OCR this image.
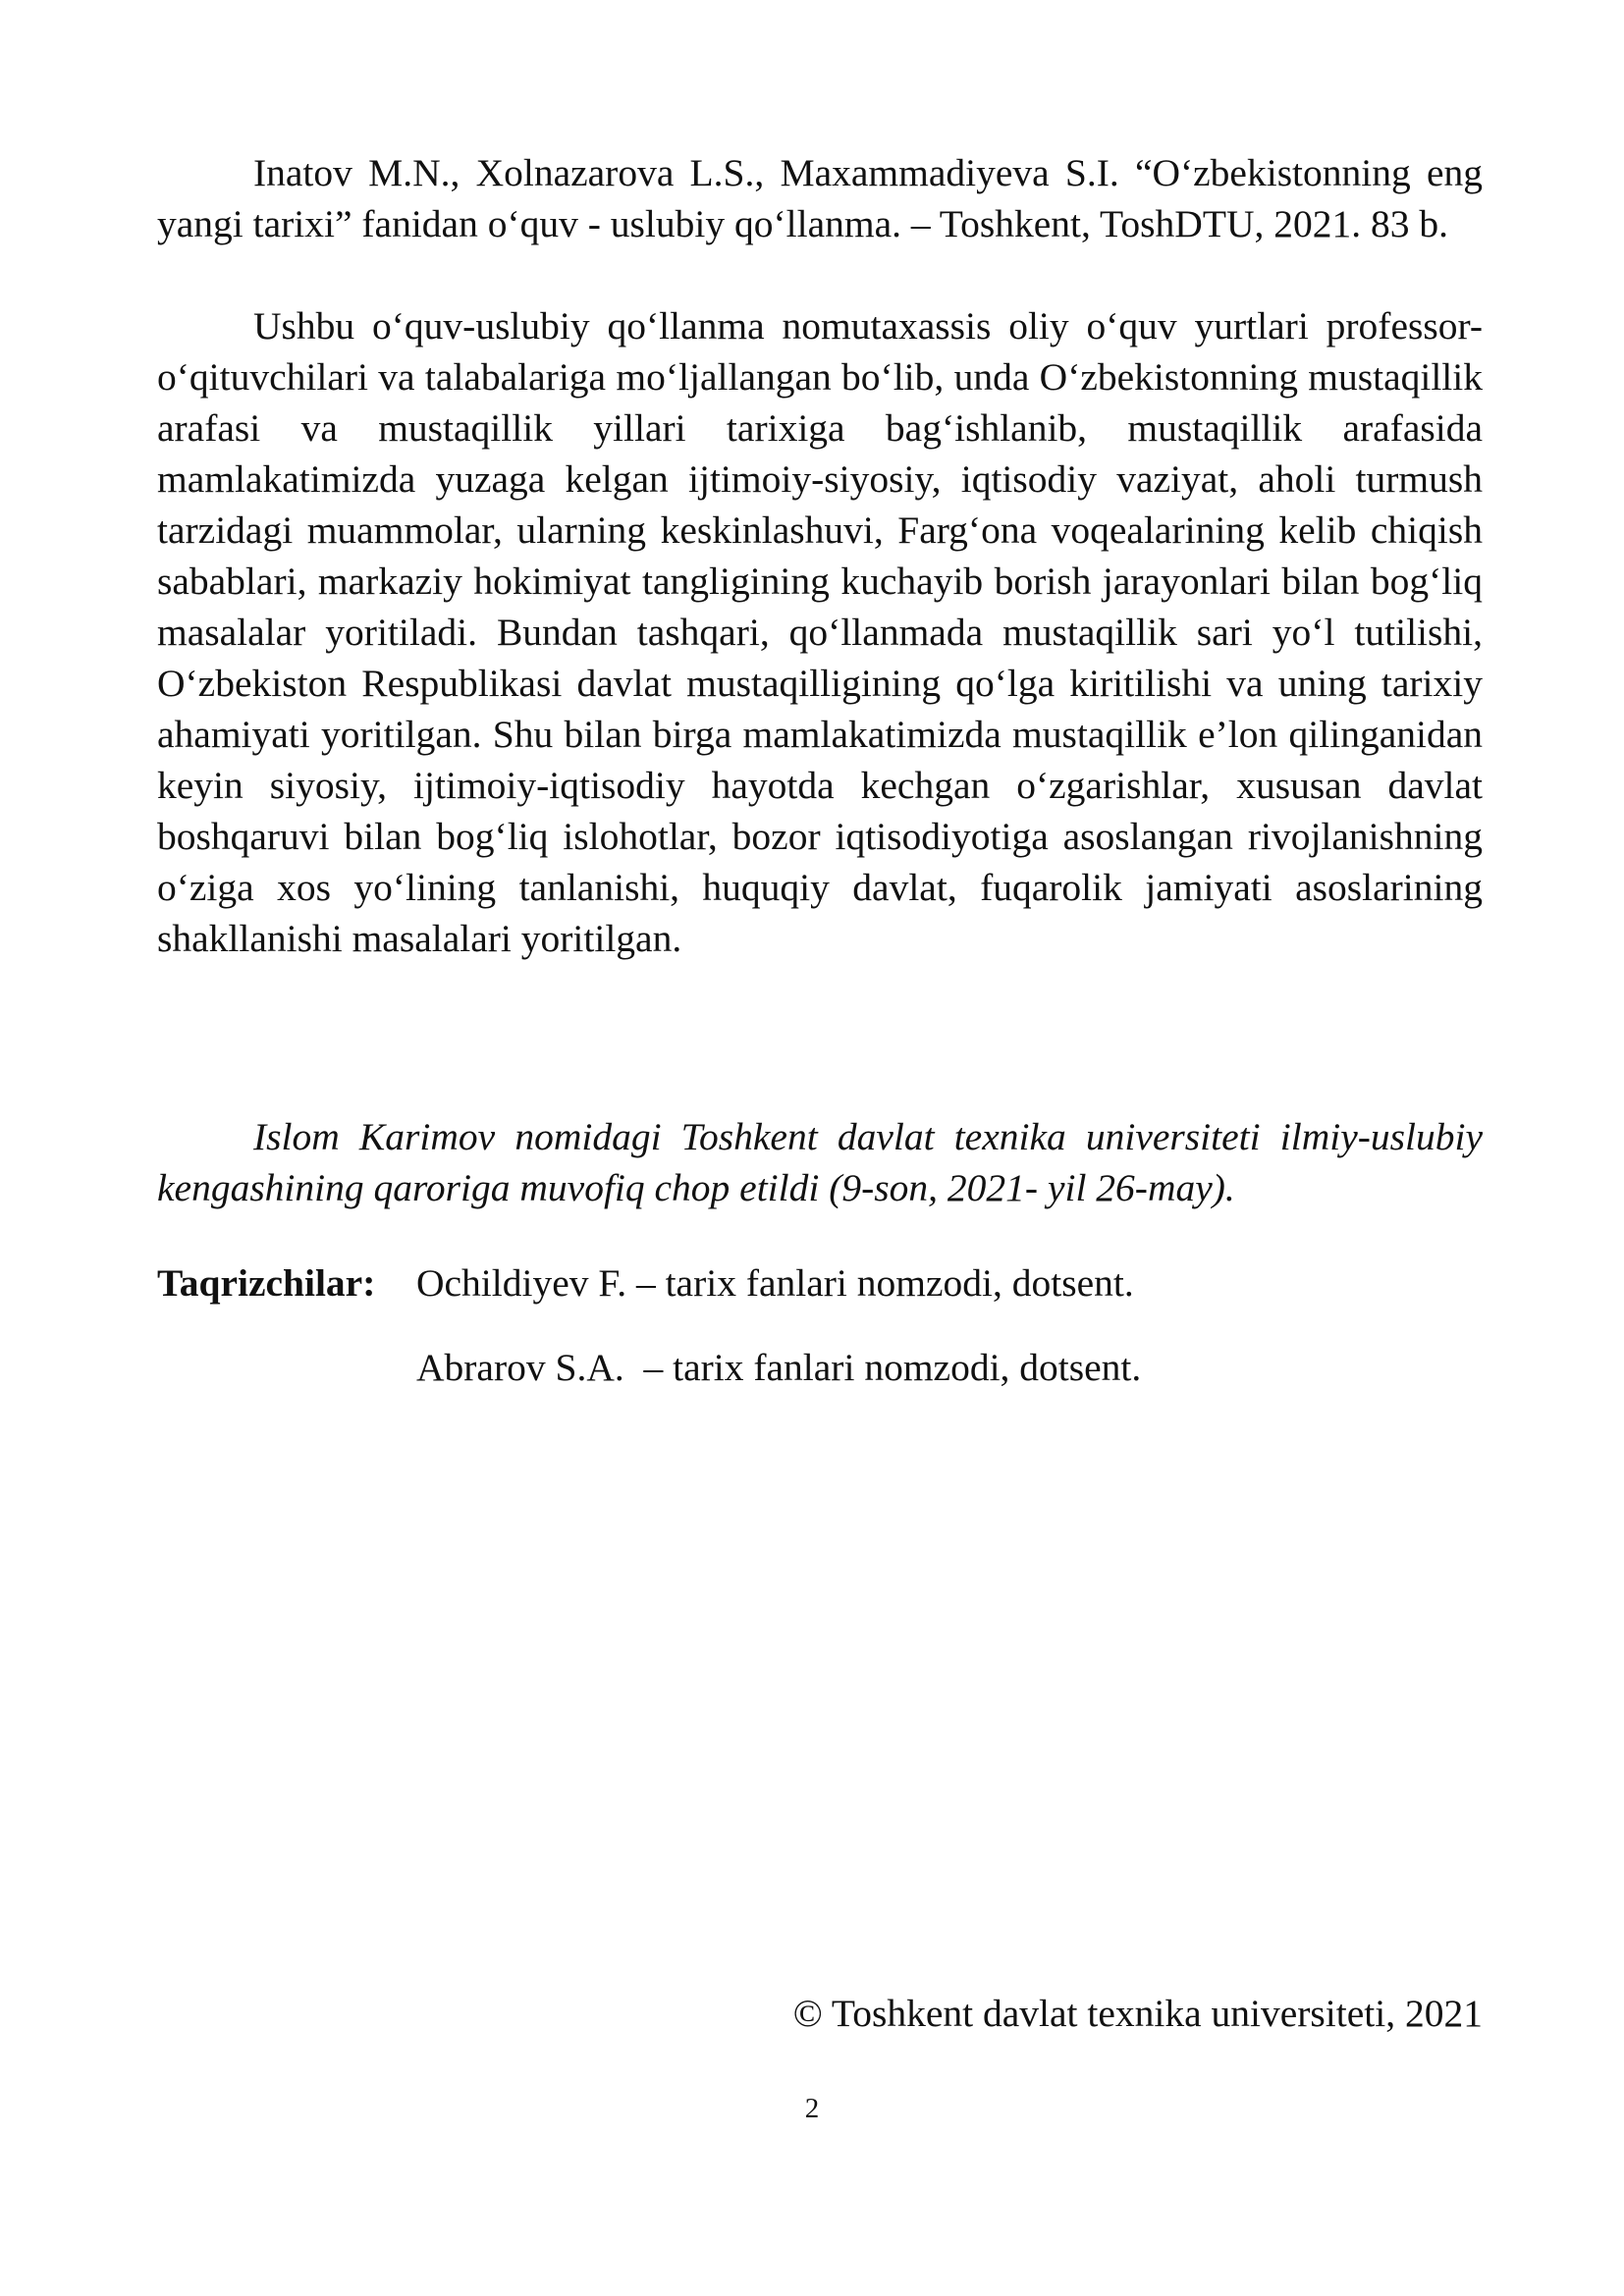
Inatov M.N., Xolnazarova L.S., Maxammadiyeva S.I. “O‘zbekistonning eng yangi tarixi” fanidan o‘quv - uslubiy qo‘llanma. – Toshkent, ToshDTU, 2021. 83 b.

Ushbu o‘quv-uslubiy qo‘llanma nomutaxassis oliy o‘quv yurtlari professor-o‘qituvchilari va talabalariga mo‘ljallangan bo‘lib, unda O‘zbekistonning mustaqillik arafasi va mustaqillik yillari tarixiga bag‘ishlanib, mustaqillik arafasida mamlakatimizda yuzaga kelgan ijtimoiy-siyosiy, iqtisodiy vaziyat, aholi turmush tarzidagi muammolar, ularning keskinlashuvi, Farg‘ona voqealarining kelib chiqish sabablari, markaziy hokimiyat tangligining kuchayib borish jarayonlari bilan bog‘liq masalalar yoritiladi. Bundan tashqari, qo‘llanmada mustaqillik sari yo‘l tutilishi, O‘zbekiston Respublikasi davlat mustaqilligining qo‘lga kiritilishi va uning tarixiy ahamiyati yoritilgan. Shu bilan birga mamlakatimizda mustaqillik e’lon qilinganidan keyin siyosiy, ijtimoiy-iqtisodiy hayotda kechgan o‘zgarishlar, xususan davlat boshqaruvi bilan bog‘liq islohotlar, bozor iqtisodiyotiga asoslangan rivojlanishning o‘ziga xos yo‘lining tanlanishi, huquqiy davlat, fuqarolik jamiyati asoslarining shakllanishi masalalari yoritilgan.

Islom Karimov nomidagi Toshkent davlat texnika universiteti ilmiy-uslubiy kengashining qaroriga muvofiq chop etildi (9-son, 2021- yil 26-may).

Taqrizchilar:	Ochildiyev F. – tarix fanlari nomzodi, dotsent.
Abrarov S.A.  – tarix fanlari nomzodi, dotsent.
© Toshkent davlat texnika universiteti, 2021
2
